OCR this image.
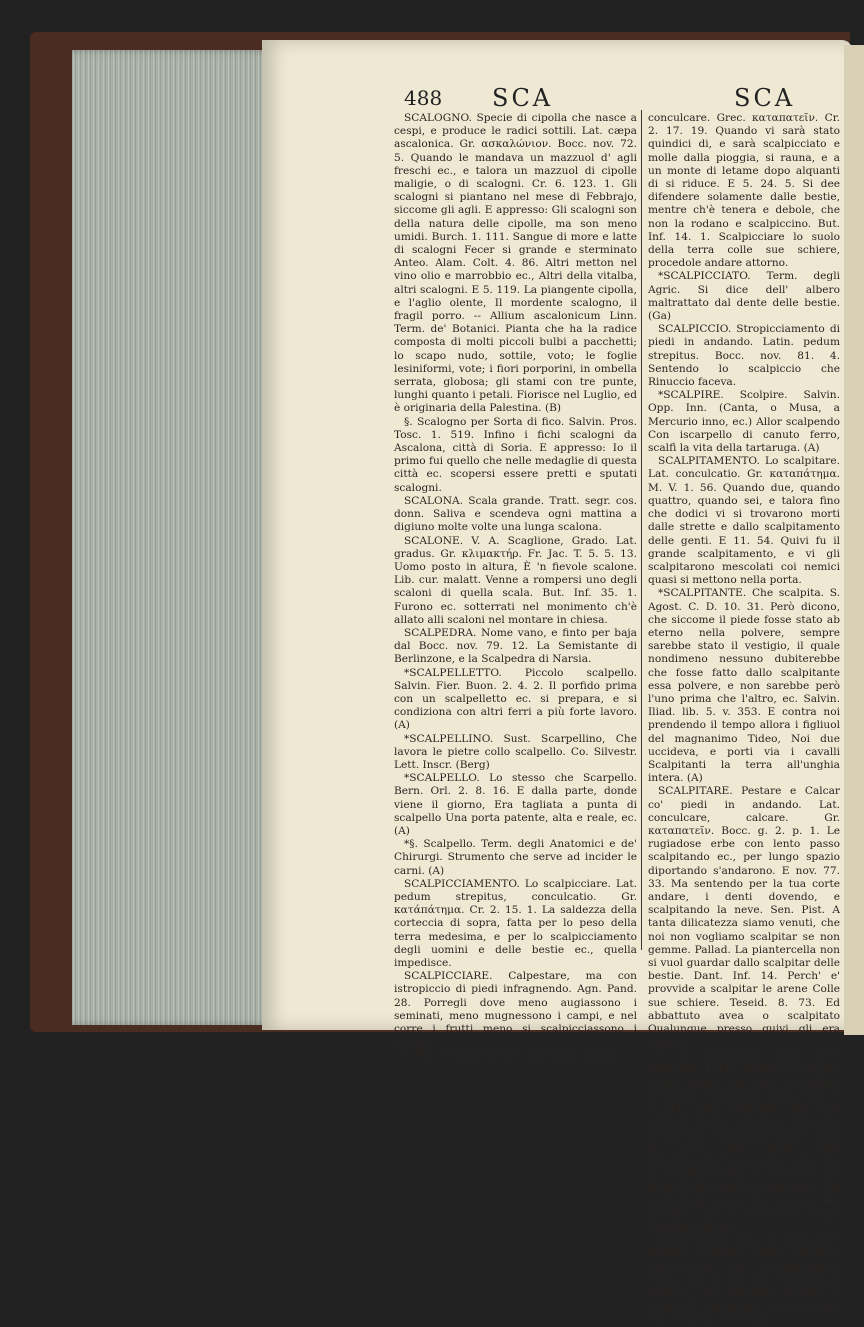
488 SCA	SCA

SCALOGNO. Specie di cipolla che nasce a cespi, e produce le radici sottili. Lat. cæpa ascalonica. Gr. ασκαλώνιον. Bocc. nov. 72. 5. Quando le mandava un mazzuol d' agli freschi ec., e talora un mazzuol di cipolle maligie, o di scalogni. Cr. 6. 123. 1. Gli scalogni si piantano nel mese di Febbrajo, siccome gli agli. E appresso: Gli scalogni son della natura delle cipolle, ma son meno umidi. Burch. 1. 111. Sangue di more e latte di scalogni Fecer si grande e sterminato Anteo. Alam. Colt. 4. 86. Altri metton nel vino olio e marrobbio ec., Altri della vitalba, altri scalogni. E 5. 119. La piangente cipolla, e l'aglio olente, Il mordente scalogno, il fragil porro. -- Allium ascalonicum Linn. Term. de' Botanici. Pianta che ha la radice composta di molti piccoli bulbi a pacchetti; lo scapo nudo, sottile, voto; le foglie lesiniformi, vote; i fiori porporini, in ombella serrata, globosa; gli stami con tre punte, lunghi quanto i petali. Fiorisce nel Luglio, ed è originaria della Palestina. (B)

§. Scalogno per Sorta di fico. Salvin. Pros. Tosc. 1. 519. Infino i fichi scalogni da Ascalona, città di Soria. E appresso: Io il primo fui quello che nelle medaglie di questa città ec. scopersi essere pretti e sputati scalogni.

SCALONA. Scala grande. Tratt. segr. cos. donn. Saliva e scendeva ogni mattina a digiuno molte volte una lunga scalona.

SCALONE. V. A. Scaglione, Grado. Lat. gradus. Gr. κλιμακτήρ. Fr. Jac. T. 5. 5. 13. Uomo posto in altura, È 'n fievole scalone. Lib. cur. malatt. Venne a rompersi uno degli scaloni di quella scala. But. Inf. 35. 1. Furono ec. sotterrati nel monimento ch'è allato alli scaloni nel montare in chiesa.

SCALPEDRA. Nome vano, e finto per baja dal Bocc. nov. 79. 12. La Semistante di Berlinzone, e la Scalpedra di Narsia.

*SCALPELLETTO. Piccolo scalpello. Salvin. Fier. Buon. 2. 4. 2. Il porfido prima con un scalpelletto ec. si prepara, e si condiziona con altri ferri a più forte lavoro. (A)

*SCALPELLINO. Sust. Scarpellino, Che lavora le pietre collo scalpello. Co. Silvestr. Lett. Inscr. (Berg)

*SCALPELLO. Lo stesso che Scarpello. Bern. Orl. 2. 8. 16. E dalla parte, donde viene il giorno, Era tagliata a punta di scalpello Una porta patente, alta e reale, ec. (A)

*§. Scalpello. Term. degli Anatomici e de' Chirurgi. Strumento che serve ad incider le carni. (A)

SCALPICCIAMENTO. Lo scalpicciare. Lat. pedum strepitus, conculcatio. Gr. κατάπάτημα. Cr. 2. 15. 1. La saldezza della corteccia di sopra, fatta per lo peso della terra medesima, e per lo scalpicciamento degli uomini e delle bestie ec., quella impedisce.

SCALPICCIARE. Calpestare, ma con istropiccio di piedi infragnendo. Agn. Pand. 28. Porregli dove meno augiassono i seminati, meno mugnessono i campi, e nel corre i frutti meno si scalpicciassono i lavorii.

§. Per Semplicemente calpestare. Latin.

conculcare. Grec. καταπατεῖν. Cr. 2. 17. 19. Quando vi sarà stato quindici di, e sarà scalpicciato e molle dalla pioggia, si rauna, e a un monte di letame dopo alquanti di si riduce. E 5. 24. 5. Si dee difendere solamente dalle bestie, mentre ch'è tenera e debole, che non la rodano e scalpiccino. But. Inf. 14. 1. Scalpicciare lo suolo della terra colle sue schiere, procedole andare attorno.

*SCALPICCIATO. Term. degli Agric. Si dice dell' albero maltrattato dal dente delle bestie. (Ga)

SCALPICCIO. Stropicciamento di piedi in andando. Latin. pedum strepitus. Bocc. nov. 81. 4. Sentendo lo scalpiccio che Rinuccio faceva.

*SCALPIRE. Scolpire. Salvin. Opp. Inn. (Canta, o Musa, a Mercurio inno, ec.) Allor scalpendo Con iscarpello di canuto ferro, scalfì la vita della tartaruga. (A)

SCALPITAMENTO. Lo scalpitare. Lat. conculcatio. Gr. καταπάτημα. M. V. 1. 56. Quando due, quando quattro, quando sei, e talora fino che dodici vi si trovarono morti dalle strette e dallo scalpitamento delle genti. E 11. 54. Quivi fu il grande scalpitamento, e vi gli scalpitarono mescolati coi nemici quasi si mettono nella porta.

*SCALPITANTE. Che scalpita. S. Agost. C. D. 10. 31. Però dicono, che siccome il piede fosse stato ab eterno nella polvere, sempre sarebbe stato il vestigio, il quale nondimeno nessuno dubiterebbe che fosse fatto dallo scalpitante essa polvere, e non sarebbe però l'uno prima che l'altro, ec. Salvin. Iliad. lib. 5. v. 353. E contra noi prendendo il tempo allora i figliuol del magnanimo Tideo, Noi due uccideva, e porti via i cavalli Scalpitanti la terra all'unghia intera. (A)

SCALPITARE. Pestare e Calcar co' piedi in andando. Lat. conculcare, calcare. Gr. καταπατεῖν. Bocc. g. 2. p. 1. Le rugiadose erbe con lento passo scalpitando ec., per lungo spazio diportando s'andarono. E nov. 77. 33. Ma sentendo per la tua corte andare, i denti dovendo, e scalpitando la neve. Sen. Pist. A tanta dilicatezza siamo venuti, che noi non vogliamo scalpitar se non gemme. Pallad. La piantercella non si vuol guardar dallo scalpitar delle bestie. Dant. Inf. 14. Perch' e' provvide a scalpitar le arene Colle sue schiere. Teseid. 8. 73. Ed abbattuto avea o scalpitato Qualunque presso quivi gli era andato.

§. E figuratam. Lab. 294. Aristotile, Tullio, Virgilio ec. erano, come fango, da loro scalpitati, schierniti e annullati. Amm. Ant. 4. 3. 14. Sono alquanti, che con sollicito studio cercano e truovano li spirituali comandamenti ne' quali le cose, alle quali collo 'ntendimento trapassano, colla vita le scalpitano. Mor. S. Greg. 31. 13. Questa tale morte si può dire che scalpiti gli uomini rei, siccome Re, quando già il possente senza contrasto alcuno.

SCALPITATO. Add. da Scalpitare. Pestato, Calcato. Latin. calcatus, conculcatus. Gr. καταπατηθείς. Franc. Sacch. nov. 146. Sentendo il romore, ed essendo sospesi e scalpitati, menavano loro bastoni. Vit. S. Girol. Sotterrati
